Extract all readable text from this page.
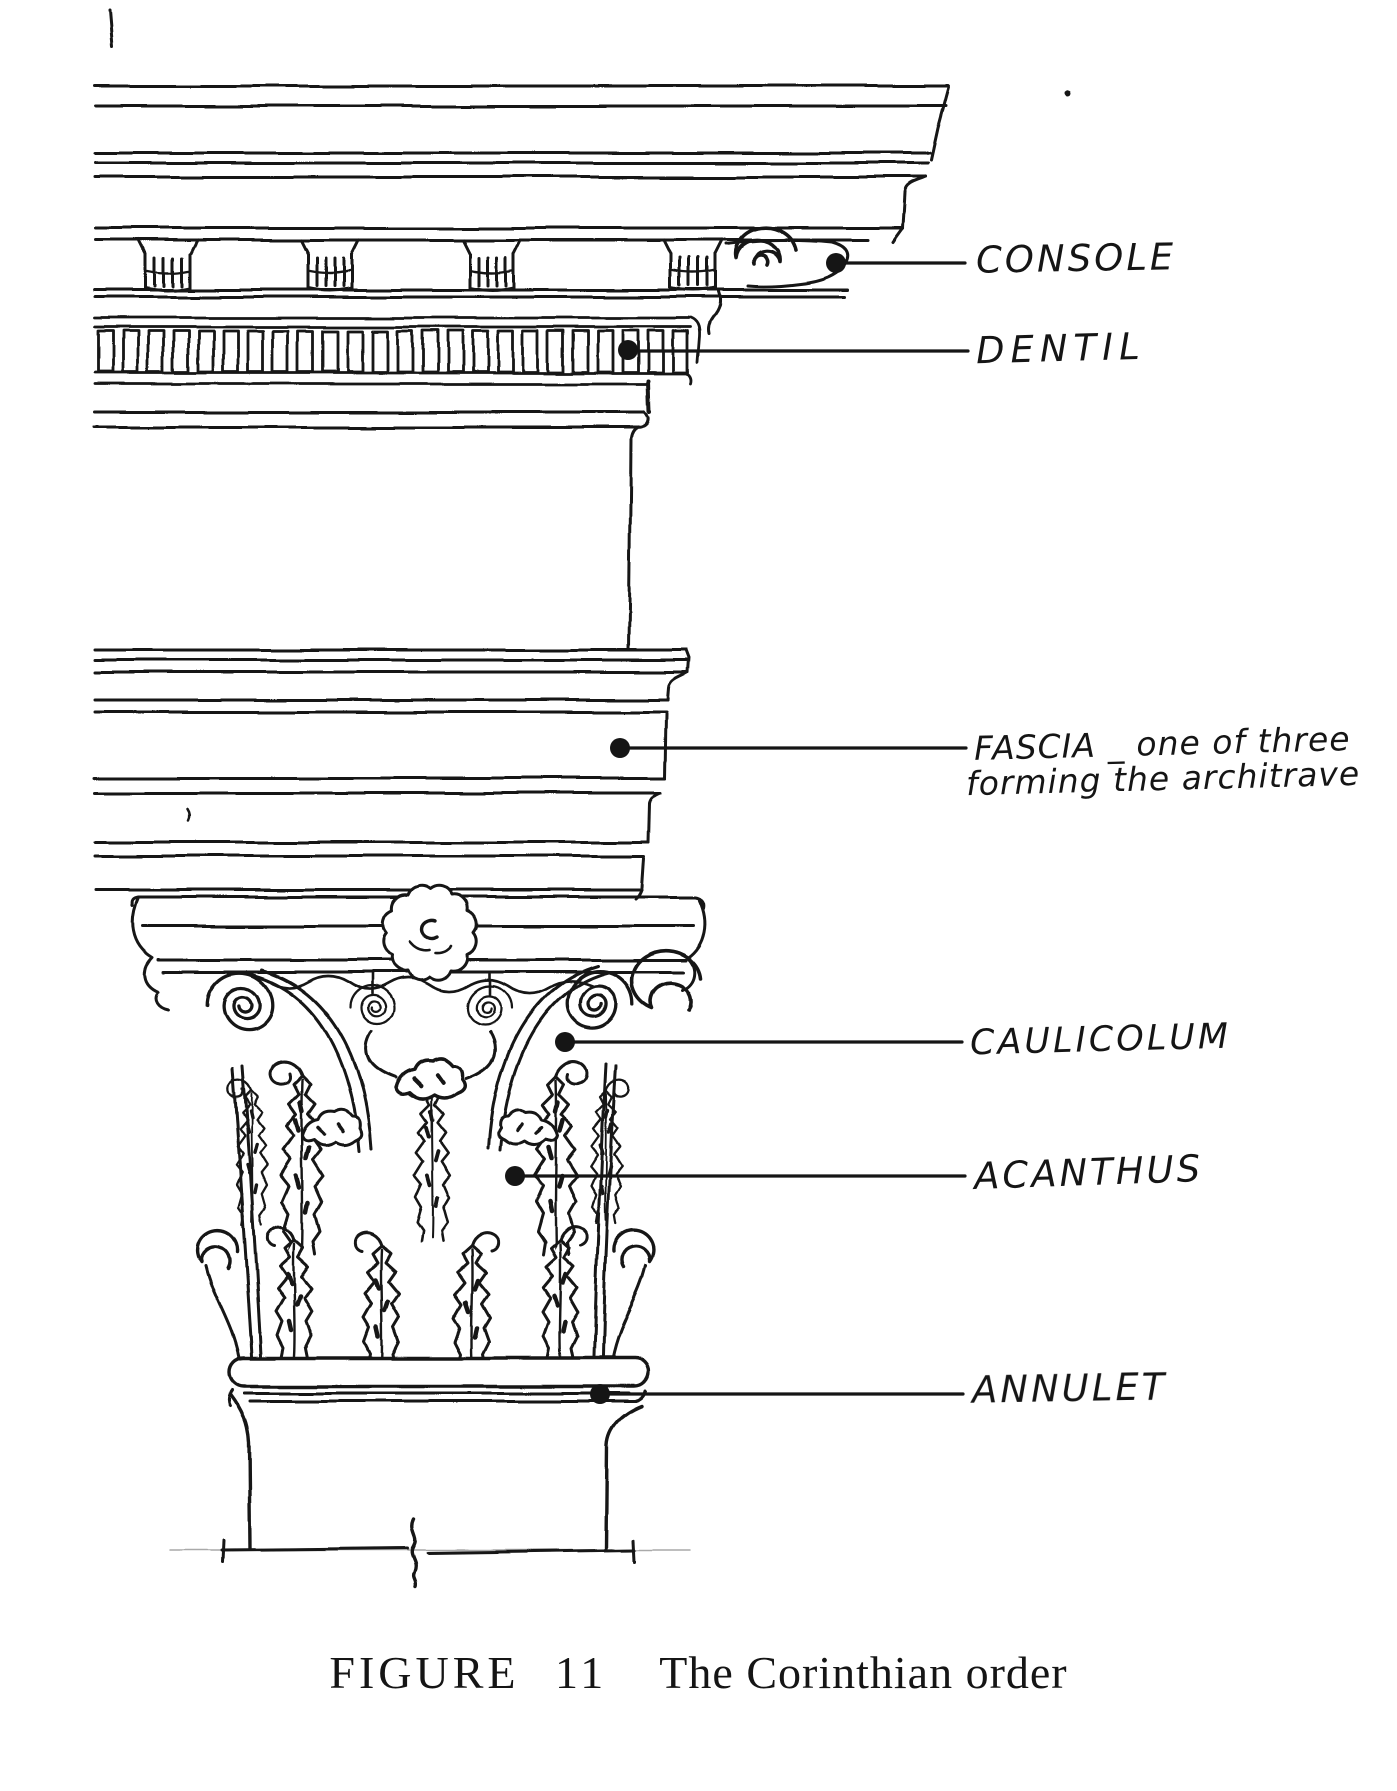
CONSOLE
DENTIL
FASCIA _ one of three
forming the architrave
CAULICOLUM
ACANTHUS
ANNULET
FIGURE 11 The Corinthian order
